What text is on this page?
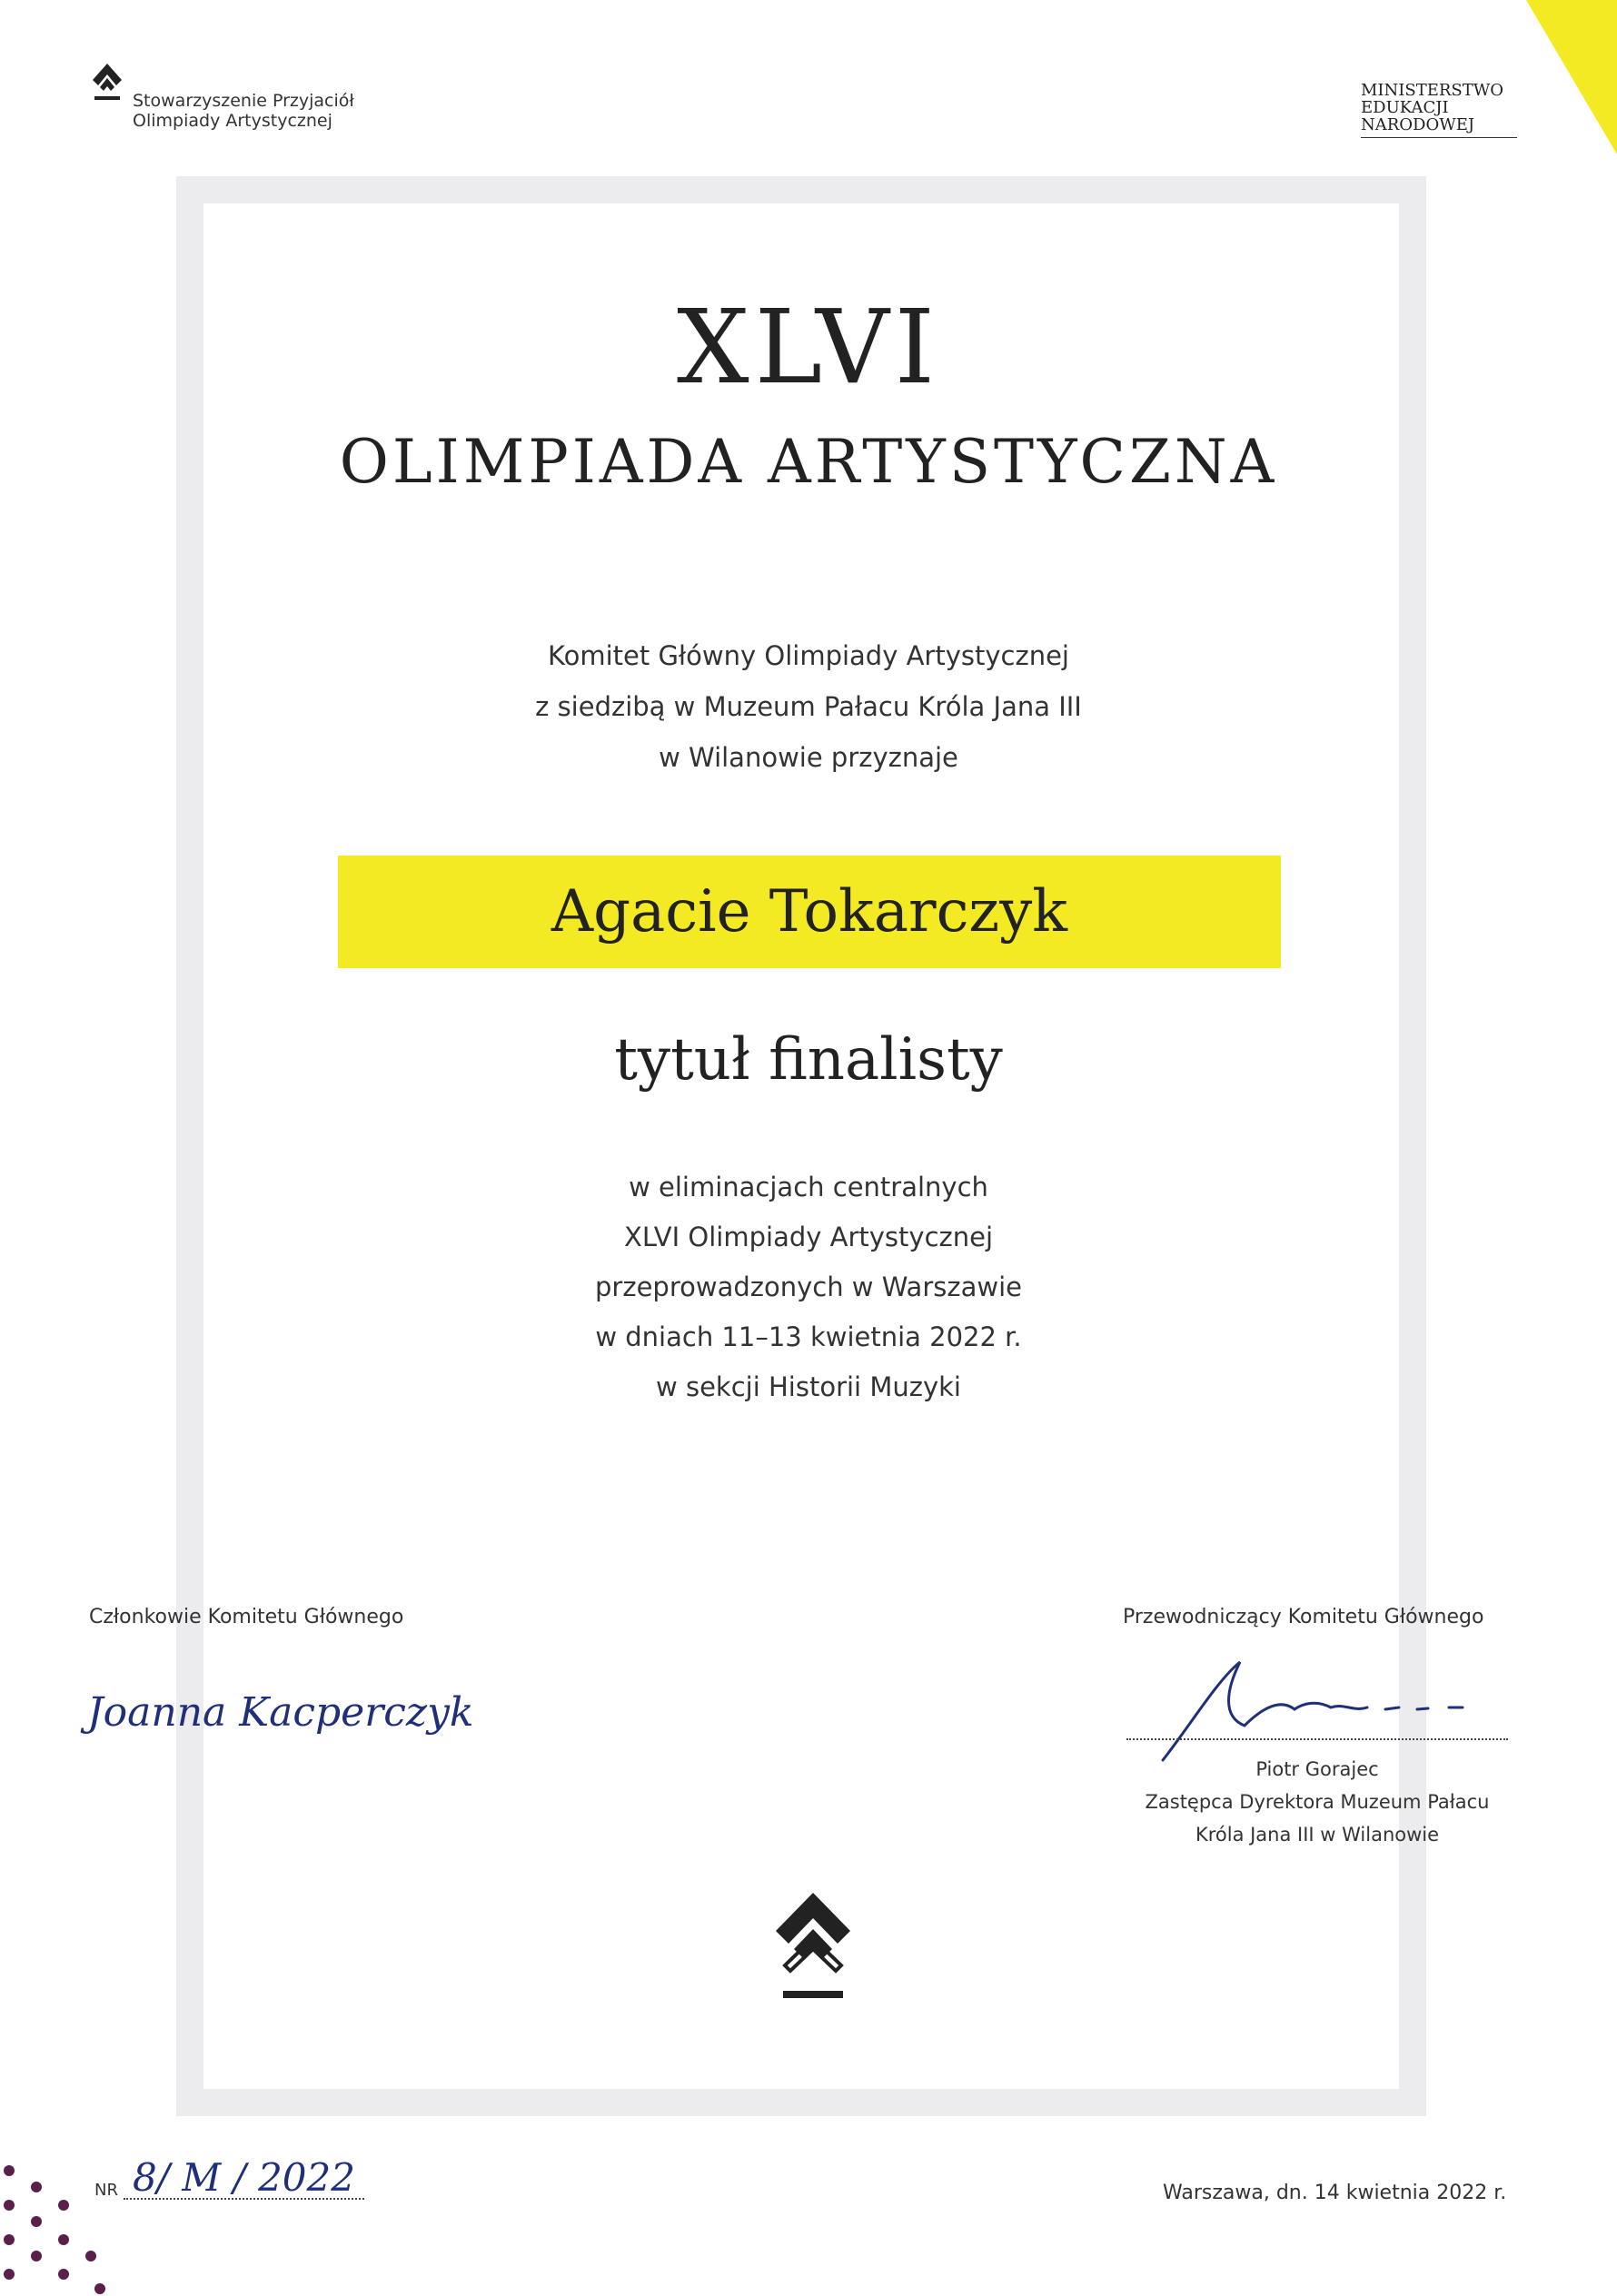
Stowarzyszenie Przyjaciół
Olimpiady Artystycznej
MINISTERSTWO
EDUKACJI
NARODOWEJ
XLVI
OLIMPIADA ARTYSTYCZNA
Komitet Główny Olimpiady Artystycznej
z siedzibą w Muzeum Pałacu Króla Jana III
w Wilanowie przyznaje
Agacie Tokarczyk
tytuł finalisty
w eliminacjach centralnych
XLVI Olimpiady Artystycznej
przeprowadzonych w Warszawie
w dniach 11–13 kwietnia 2022 r.
w sekcji Historii Muzyki
Członkowie Komitetu Głównego
Joanna Kacperczyk
Przewodniczący Komitetu Głównego
Piotr Gorajec
Zastępca Dyrektora Muzeum Pałacu
Króla Jana III w Wilanowie
NR 8/ M / 2022	Warszawa, dn. 14 kwietnia 2022 r.
